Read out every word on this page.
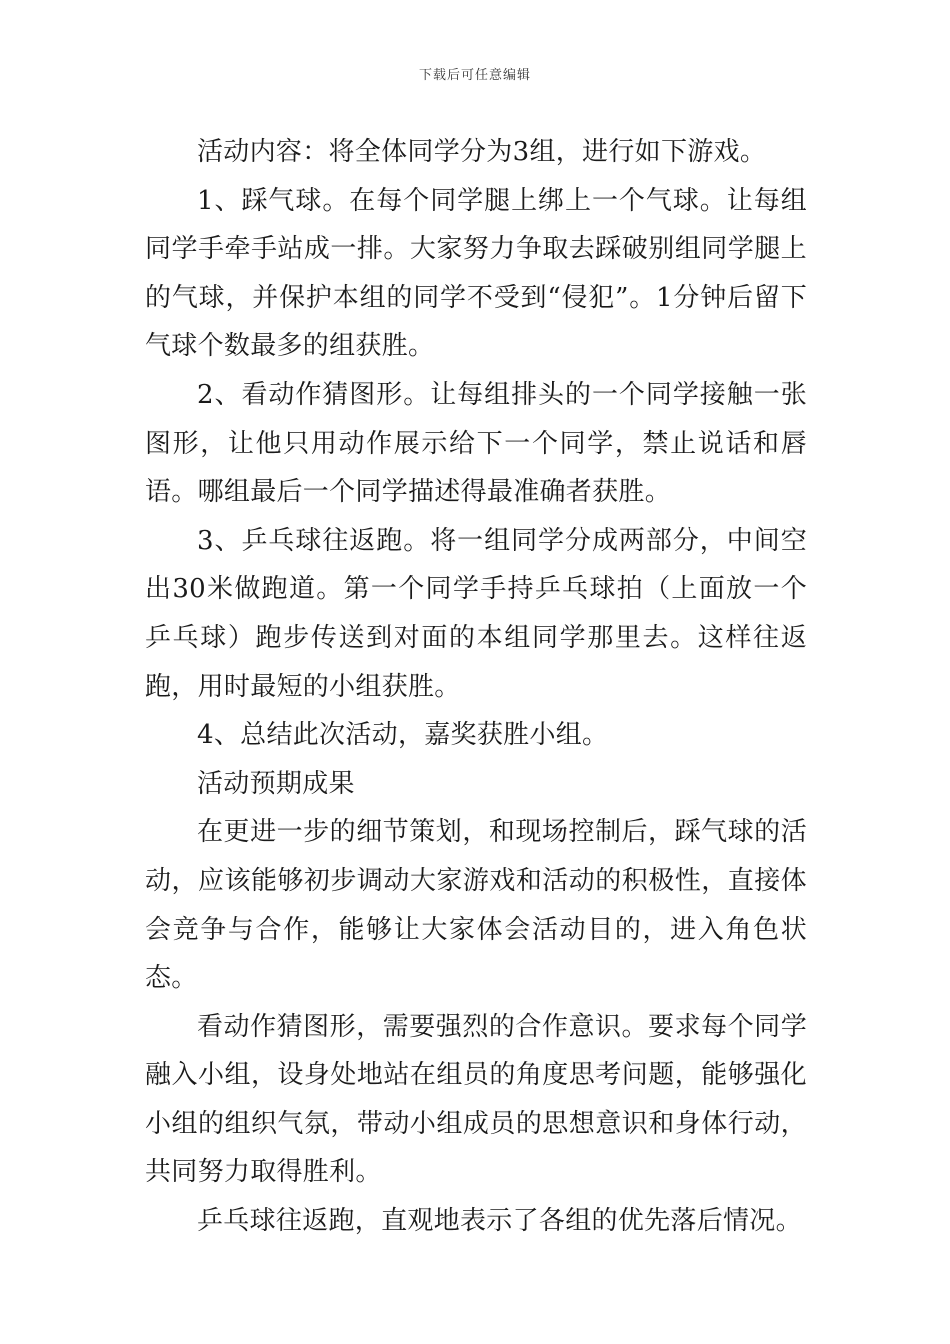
下载后可任意编辑

活动内容：将全体同学分为3组，进行如下游戏。

1、踩气球。在每个同学腿上绑上一个气球。让每组同学手牵手站成一排。大家努力争取去踩破别组同学腿上的气球，并保护本组的同学不受到“侵犯”。1分钟后留下气球个数最多的组获胜。

2、看动作猜图形。让每组排头的一个同学接触一张图形，让他只用动作展示给下一个同学，禁止说话和唇语。哪组最后一个同学描述得最准确者获胜。

3、乒乓球往返跑。将一组同学分成两部分，中间空出30米做跑道。第一个同学手持乒乓球拍（上面放一个乒乓球）跑步传送到对面的本组同学那里去。这样往返跑，用时最短的小组获胜。

4、总结此次活动，嘉奖获胜小组。

活动预期成果

在更进一步的细节策划，和现场控制后，踩气球的活动，应该能够初步调动大家游戏和活动的积极性，直接体会竞争与合作，能够让大家体会活动目的，进入角色状态。

看动作猜图形，需要强烈的合作意识。要求每个同学融入小组，设身处地站在组员的角度思考问题，能够强化小组的组织气氛，带动小组成员的思想意识和身体行动，共同努力取得胜利。

乒乓球往返跑，直观地表示了各组的优先落后情况。
